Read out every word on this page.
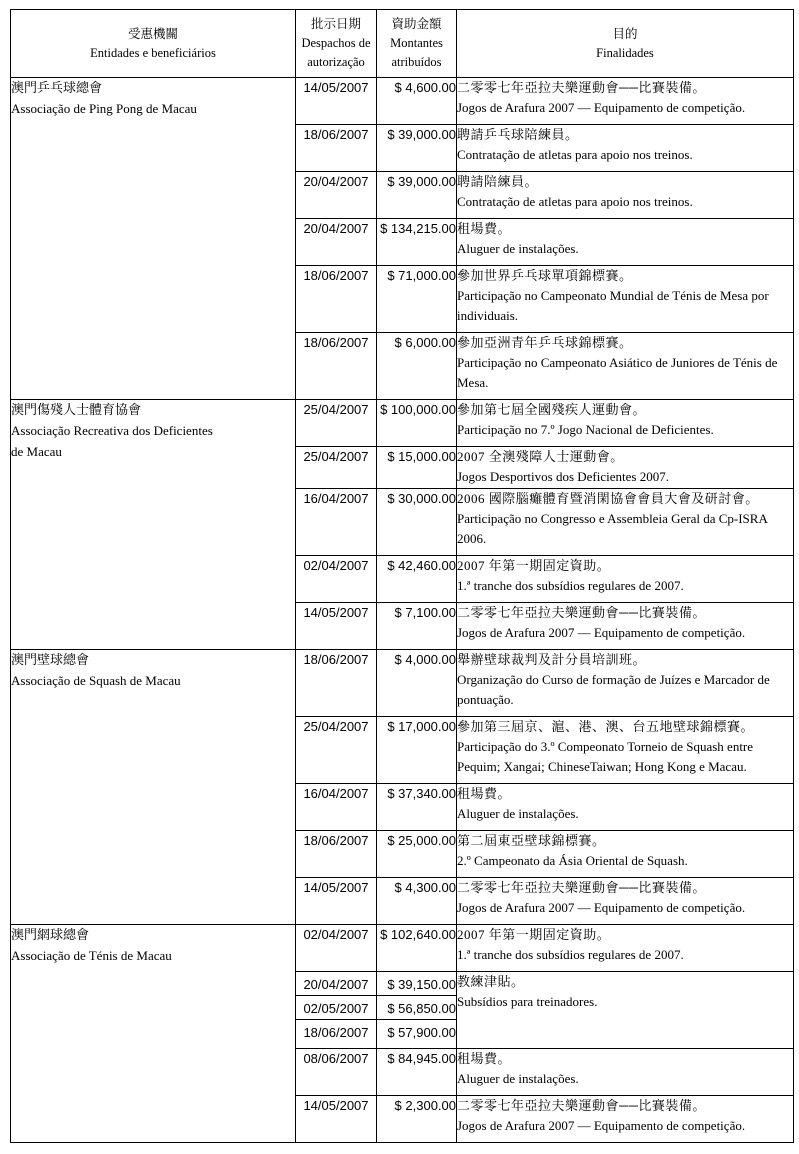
受惠機關
Entidades e beneficiários	批示日期
Despachos de
autorização	資助金額
Montantes
atribuídos	目的
Finalidades

澳門乒乓球總會
Associação de Ping Pong de Macau	14/05/2007	$ 4,600.00	二零零七年亞拉夫樂運動會──比賽裝備。
Jogos de Arafura 2007 — Equipamento de competição.

	18/06/2007	$ 39,000.00	聘請乒乓球陪練員。
Contratação de atletas para apoio nos treinos.

	20/04/2007	$ 39,000.00	聘請陪練員。
Contratação de atletas para apoio nos treinos.

	20/04/2007	$ 134,215.00	租場費。
Aluguer de instalações.

	18/06/2007	$ 71,000.00	參加世界乒乓球單項錦標賽。
Participação no Campeonato Mundial de Ténis de Mesa por individuais.

	18/06/2007	$ 6,000.00	參加亞洲青年乒乓球錦標賽。
Participação no Campeonato Asiático de Juniores de Ténis de Mesa.

澳門傷殘人士體育協會
Associação Recreativa dos Deficientes
de Macau	25/04/2007	$ 100,000.00	參加第七屆全國殘疾人運動會。
Participação no 7.º Jogo Nacional de Deficientes.

	25/04/2007	$ 15,000.00	2007 全澳殘障人士運動會。
Jogos Desportivos dos Deficientes 2007.

	16/04/2007	$ 30,000.00	2006 國際腦癱體育暨消閑協會會員大會及研討會。
Participação no Congresso e Assembleia Geral da Cp-ISRA 2006.

	02/04/2007	$ 42,460.00	2007 年第一期固定資助。
1.ª tranche dos subsídios regulares de 2007.

	14/05/2007	$ 7,100.00	二零零七年亞拉夫樂運動會──比賽裝備。
Jogos de Arafura 2007 — Equipamento de competição.

澳門壁球總會
Associação de Squash de Macau	18/06/2007	$ 4,000.00	舉辦壁球裁判及計分員培訓班。
Organização do Curso de formação de Juízes e Marcador de pontuação.

	25/04/2007	$ 17,000.00	參加第三屆京、滬、港、澳、台五地壁球錦標賽。
Participação do 3.º Compeonato Torneio de Squash entre Pequim; Xangai; ChineseTaiwan; Hong Kong e Macau.

	16/04/2007	$ 37,340.00	租場費。
Aluguer de instalações.

	18/06/2007	$ 25,000.00	第二屆東亞壁球錦標賽。
2.º Campeonato da Ásia Oriental de Squash.

	14/05/2007	$ 4,300.00	二零零七年亞拉夫樂運動會──比賽裝備。
Jogos de Arafura 2007 — Equipamento de competição.

澳門網球總會
Associação de Ténis de Macau	02/04/2007	$ 102,640.00	2007 年第一期固定資助。
1.ª tranche dos subsídios regulares de 2007.

	20/04/2007	$ 39,150.00	教練津貼。
Subsídios para treinadores.

	02/05/2007	$ 56,850.00	
	18/06/2007	$ 57,900.00	
	08/06/2007	$ 84,945.00	租場費。
Aluguer de instalações.

	14/05/2007	$ 2,300.00	二零零七年亞拉夫樂運動會──比賽裝備。
Jogos de Arafura 2007 — Equipamento de competição.
